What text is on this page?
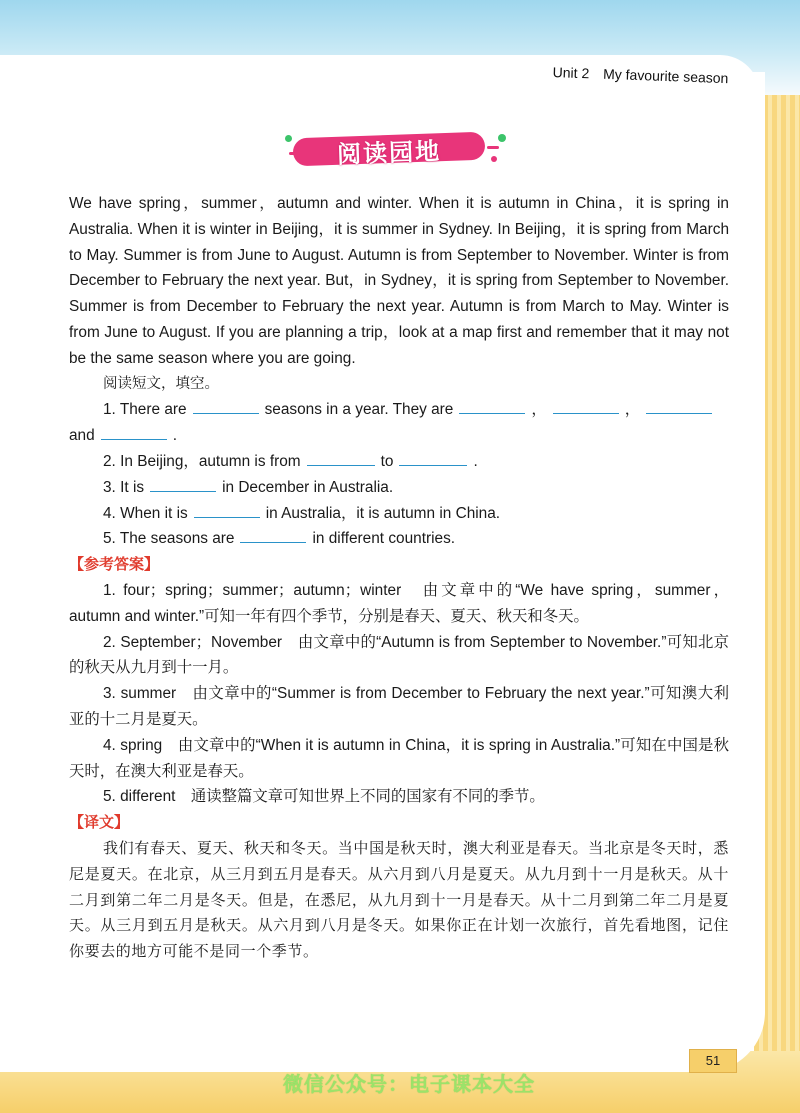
Unit 2 My favourite season
阅读园地

We have spring，summer，autumn and winter. When it is autumn in China，it is spring in Australia. When it is winter in Beijing，it is summer in Sydney. In Beijing，it is spring from March to May. Summer is from June to August. Autumn is from September to November. Winter is from December to February the next year. But，in Sydney，it is spring from September to November. Summer is from December to February the next year. Autumn is from March to May. Winter is from June to August. If you are planning a trip，look at a map first and remember that it may not be the same season where you are going.

阅读短文，填空。

1. There are	seasons in a year. They are	，	，

and	.

2. In Beijing，autumn is from	to	.

3. It is	in December in Australia.

4. When it is	in Australia，it is autumn in China.

5. The seasons are	in different countries.

【参考答案】

1. four；spring；summer；autumn；winter　由文章中的“We have spring，summer，autumn and winter.”可知一年有四个季节，分别是春天、夏天、秋天和冬天。

2. September；November　由文章中的“Autumn is from September to November.”可知北京的秋天从九月到十一月。

3. summer　由文章中的“Summer is from December to February the next year.”可知澳大利亚的十二月是夏天。

4. spring　由文章中的“When it is autumn in China，it is spring in Australia.”可知在中国是秋天时，在澳大利亚是春天。

5. different　通读整篇文章可知世界上不同的国家有不同的季节。

【译文】

我们有春天、夏天、秋天和冬天。当中国是秋天时，澳大利亚是春天。当北京是冬天时，悉尼是夏天。在北京，从三月到五月是春天。从六月到八月是夏天。从九月到十一月是秋天。从十二月到第二年二月是冬天。但是，在悉尼，从九月到十一月是春天。从十二月到第二年二月是夏天。从三月到五月是秋天。从六月到八月是冬天。如果你正在计划一次旅行，首先看地图，记住你要去的地方可能不是同一个季节。

51
微信公众号：电子课本大全
